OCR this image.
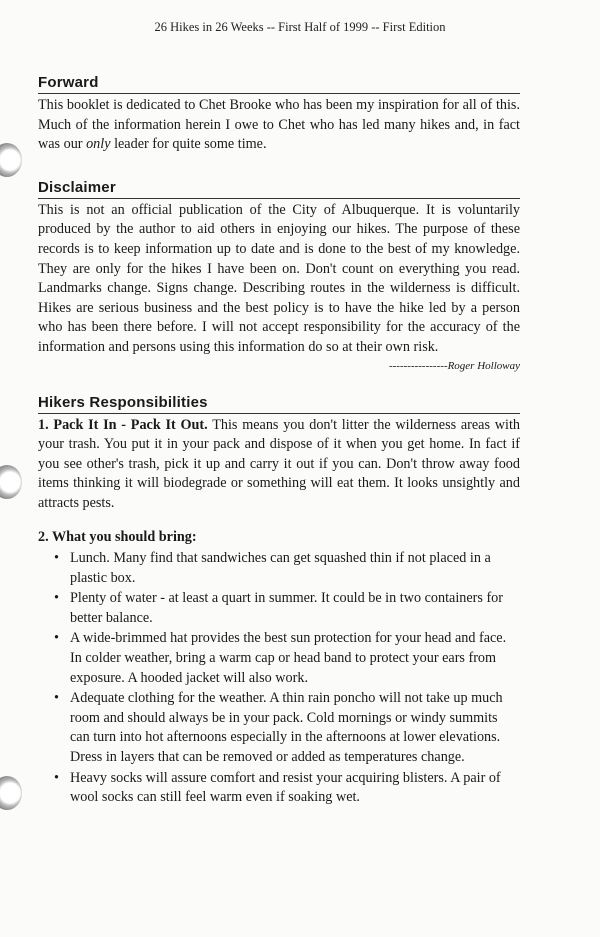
26 Hikes in 26 Weeks -- First Half of 1999 -- First Edition
Forward

This booklet is dedicated to Chet Brooke who has been my inspiration for all of this. Much of the information herein I owe to Chet who has led many hikes and, in fact was our only leader for quite some time.

Disclaimer

This is not an official publication of the City of Albuquerque. It is voluntarily produced by the author to aid others in enjoying our hikes. The purpose of these records is to keep information up to date and is done to the best of my knowledge. They are only for the hikes I have been on. Don't count on everything you read. Landmarks change. Signs change. Describing routes in the wilderness is difficult. Hikes are serious business and the best policy is to have the hike led by a person who has been there before. I will not accept responsibility for the accuracy of the information and persons using this information do so at their own risk.

----------------Roger Holloway
Hikers Responsibilities

1. Pack It In - Pack It Out. This means you don't litter the wilderness areas with your trash. You put it in your pack and dispose of it when you get home. In fact if you see other's trash, pick it up and carry it out if you can. Don't throw away food items thinking it will biodegrade or something will eat them. It looks unsightly and attracts pests.

2. What you should bring:
• Lunch. Many find that sandwiches can get squashed thin if not placed in a plastic box.
• Plenty of water - at least a quart in summer. It could be in two containers for better balance.
• A wide-brimmed hat provides the best sun protection for your head and face. In colder weather, bring a warm cap or head band to protect your ears from exposure. A hooded jacket will also work.
• Adequate clothing for the weather. A thin rain poncho will not take up much room and should always be in your pack. Cold mornings or windy summits can turn into hot afternoons especially in the afternoons at lower elevations. Dress in layers that can be removed or added as temperatures change.
• Heavy socks will assure comfort and resist your acquiring blisters. A pair of wool socks can still feel warm even if soaking wet.
